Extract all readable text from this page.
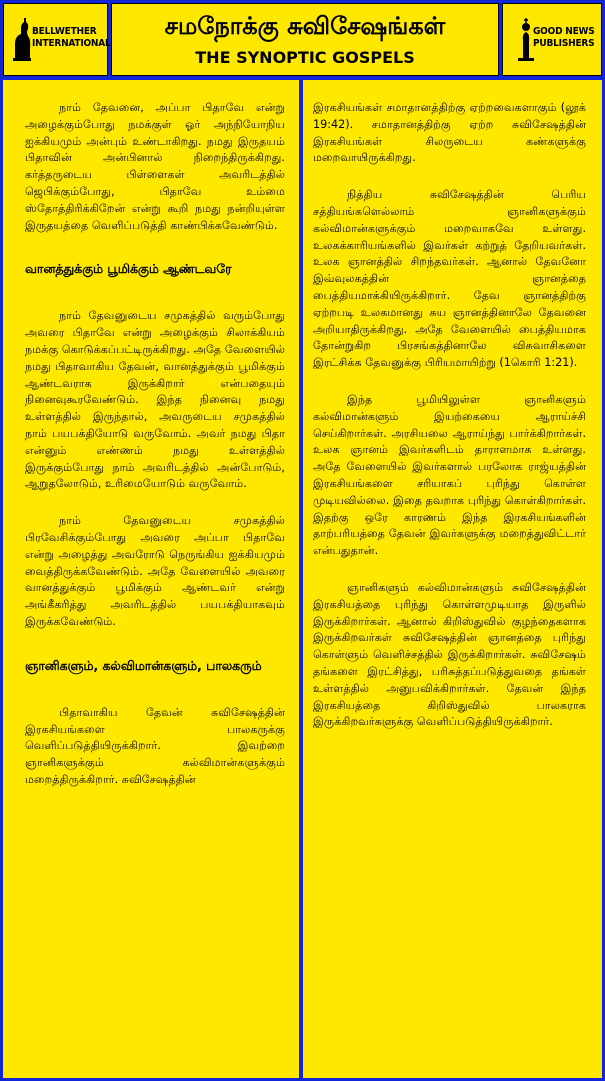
BELLWETHER
INTERNATIONAL
சமநோக்கு சுவிசேஷங்கள்
THE SYNOPTIC GOSPELS
GOOD NEWS
PUBLISHERS

நாம் தேவனை, அப்பா பிதாவே என்று அழைக்கும்போது நமக்குள் ஓர் அந்நியோநிய ஐக்கியமும் அன்பும் உண்டாகிறது. நமது இருதயம் பிதாவின் அன்பினால் நிறைந்திருக்கிறது. கர்த்தருடைய பிள்ளைகள் அவரிடத்தில் ஜெபிக்கும்போது, பிதாவே உம்மை ஸ்தோத்திரிக்கிறேன் என்று கூறி நமது நன்றியுள்ள இருதயத்தை வெளிப்படுத்தி காண்பிக்கவேண்டும்.

வானத்துக்கும் பூமிக்கும் ஆண்டவரே

நாம் தேவனுடைய சமுகத்தில் வரும்போது அவரை பிதாவே என்று அழைக்கும் சிலாக்கியம் நமக்கு கொடுக்கப்பட்டிருக்கிறது. அதே வேளையில் நமது பிதாவாகிய தேவன், வானத்துக்கும் பூமிக்கும் ஆண்டவராக இருக்கிறார் என்பதையும் நினைவுகூரவேண்டும். இந்த நினைவு நமது உள்ளத்தில் இருந்தால், அவருடைய சமுகத்தில் நாம் பயபக்தியோடு வருவோம். அவர் நமது பிதா என்னும் எண்ணம் நமது உள்ளத்தில் இருக்கும்போது நாம் அவரிடத்தில் அன்போடும், ஆறுதலோடும், உரிமையோடும் வருவோம்.

நாம் தேவனுடைய சமுகத்தில் பிரவேசிக்கும்போது அவரை அப்பா பிதாவே என்று அழைத்து அவரோடு நெருங்கிய ஐக்கியமும் வைத்திருக்கவேண்டும். அதே வேளையில் அவரை வானத்துக்கும் பூமிக்கும் ஆண்டவர் என்று அங்கீகரித்து அவரிடத்தில் பயபக்தியாகவும் இருக்கவேண்டும்.

ஞானிகளும், கல்விமான்களும், பாலகரும்

பிதாவாகிய தேவன் சுவிசேஷத்தின் இரகசியங்களை பாலகருக்கு வெளிப்படுத்தியிருக்கிறார். இவற்றை ஞானிகளுக்கும் கல்விமான்களுக்கும் மறைத்திருக்கிறார். சுவிசேஷத்தின்

இரகசியங்கள் சமாதானத்திற்கு ஏற்றவைகளாகும் (லூக் 19:42). சமாதானத்திற்கு ஏற்ற சுவிசேஷத்தின் இரகசியங்கள் சிலருடைய கண்களுக்கு மறைவாயிருக்கிறது.

நித்திய சுவிசேஷத்தின் பெரிய சத்தியங்களெல்லாம் ஞானிகளுக்கும் கல்விமான்களுக்கும் மறைவாகவே உள்ளது. உலகக்காரியங்களில் இவர்கள் கற்றுத் தேறியவர்கள். உலக ஞானத்தில் சிறந்தவர்கள். ஆனால் தேவனோ இவ்வுலகத்தின் ஞானத்தை பைத்தியமாக்கியிருக்கிறார். தேவ ஞானத்திற்கு ஏற்றபடி உலகமானது சுய ஞானத்தினாலே தேவனை அறியாதிருக்கிறது. அதே வேளையில் பைத்தியமாக தோன்றுகிற பிரசங்கத்தினாலே விசுவாசிகளை இரட்சிக்க தேவனுக்கு பிரியமாயிற்று (1கொரி 1:21).

இந்த பூமியிலுள்ள ஞானிகளும் கல்விமான்களும் இயற்கையை ஆராய்ச்சி செய்கிறார்கள். அரசியலை ஆராய்ந்து பார்க்கிறார்கள். உலக ஞானம் இவர்களிடம் தாராளமாக உள்ளது. அதே வேளையில் இவர்களால் பரலோக ராஜ்யத்தின் இரகசியங்களை சரியாகப் புரிந்து கொள்ள முடியவில்லை. இதை தவறாக புரிந்து கொள்கிறார்கள். இதற்கு ஒரே காரணம் இந்த இரகசியங்களின் தாற்பரியத்தை தேவன் இவர்களுக்கு மறைத்துவிட்டார் என்பதுதான்.

ஞானிகளும் கல்விமான்களும் சுவிசேஷத்தின் இரகசியத்தை புரிந்து கொள்ளமுடியாத இருளில் இருக்கிறார்கள். ஆனால் கிறிஸ்துவில் குழந்தைகளாக இருக்கிறவர்கள் சுவிசேஷத்தின் ஞானத்தை புரிந்து கொள்ளும் வெளிச்சத்தில் இருக்கிறார்கள். சுவிசேஷம் தங்களை இரட்சித்து, பரிசுத்தப்படுத்துவதை தங்கள் உள்ளத்தில் அனுபவிக்கிறார்கள். தேவன் இந்த இரகசியத்தை கிறிஸ்துவில் பாலகராக இருக்கிறவர்களுக்கு வெளிப்படுத்தியிருக்கிறார்.
